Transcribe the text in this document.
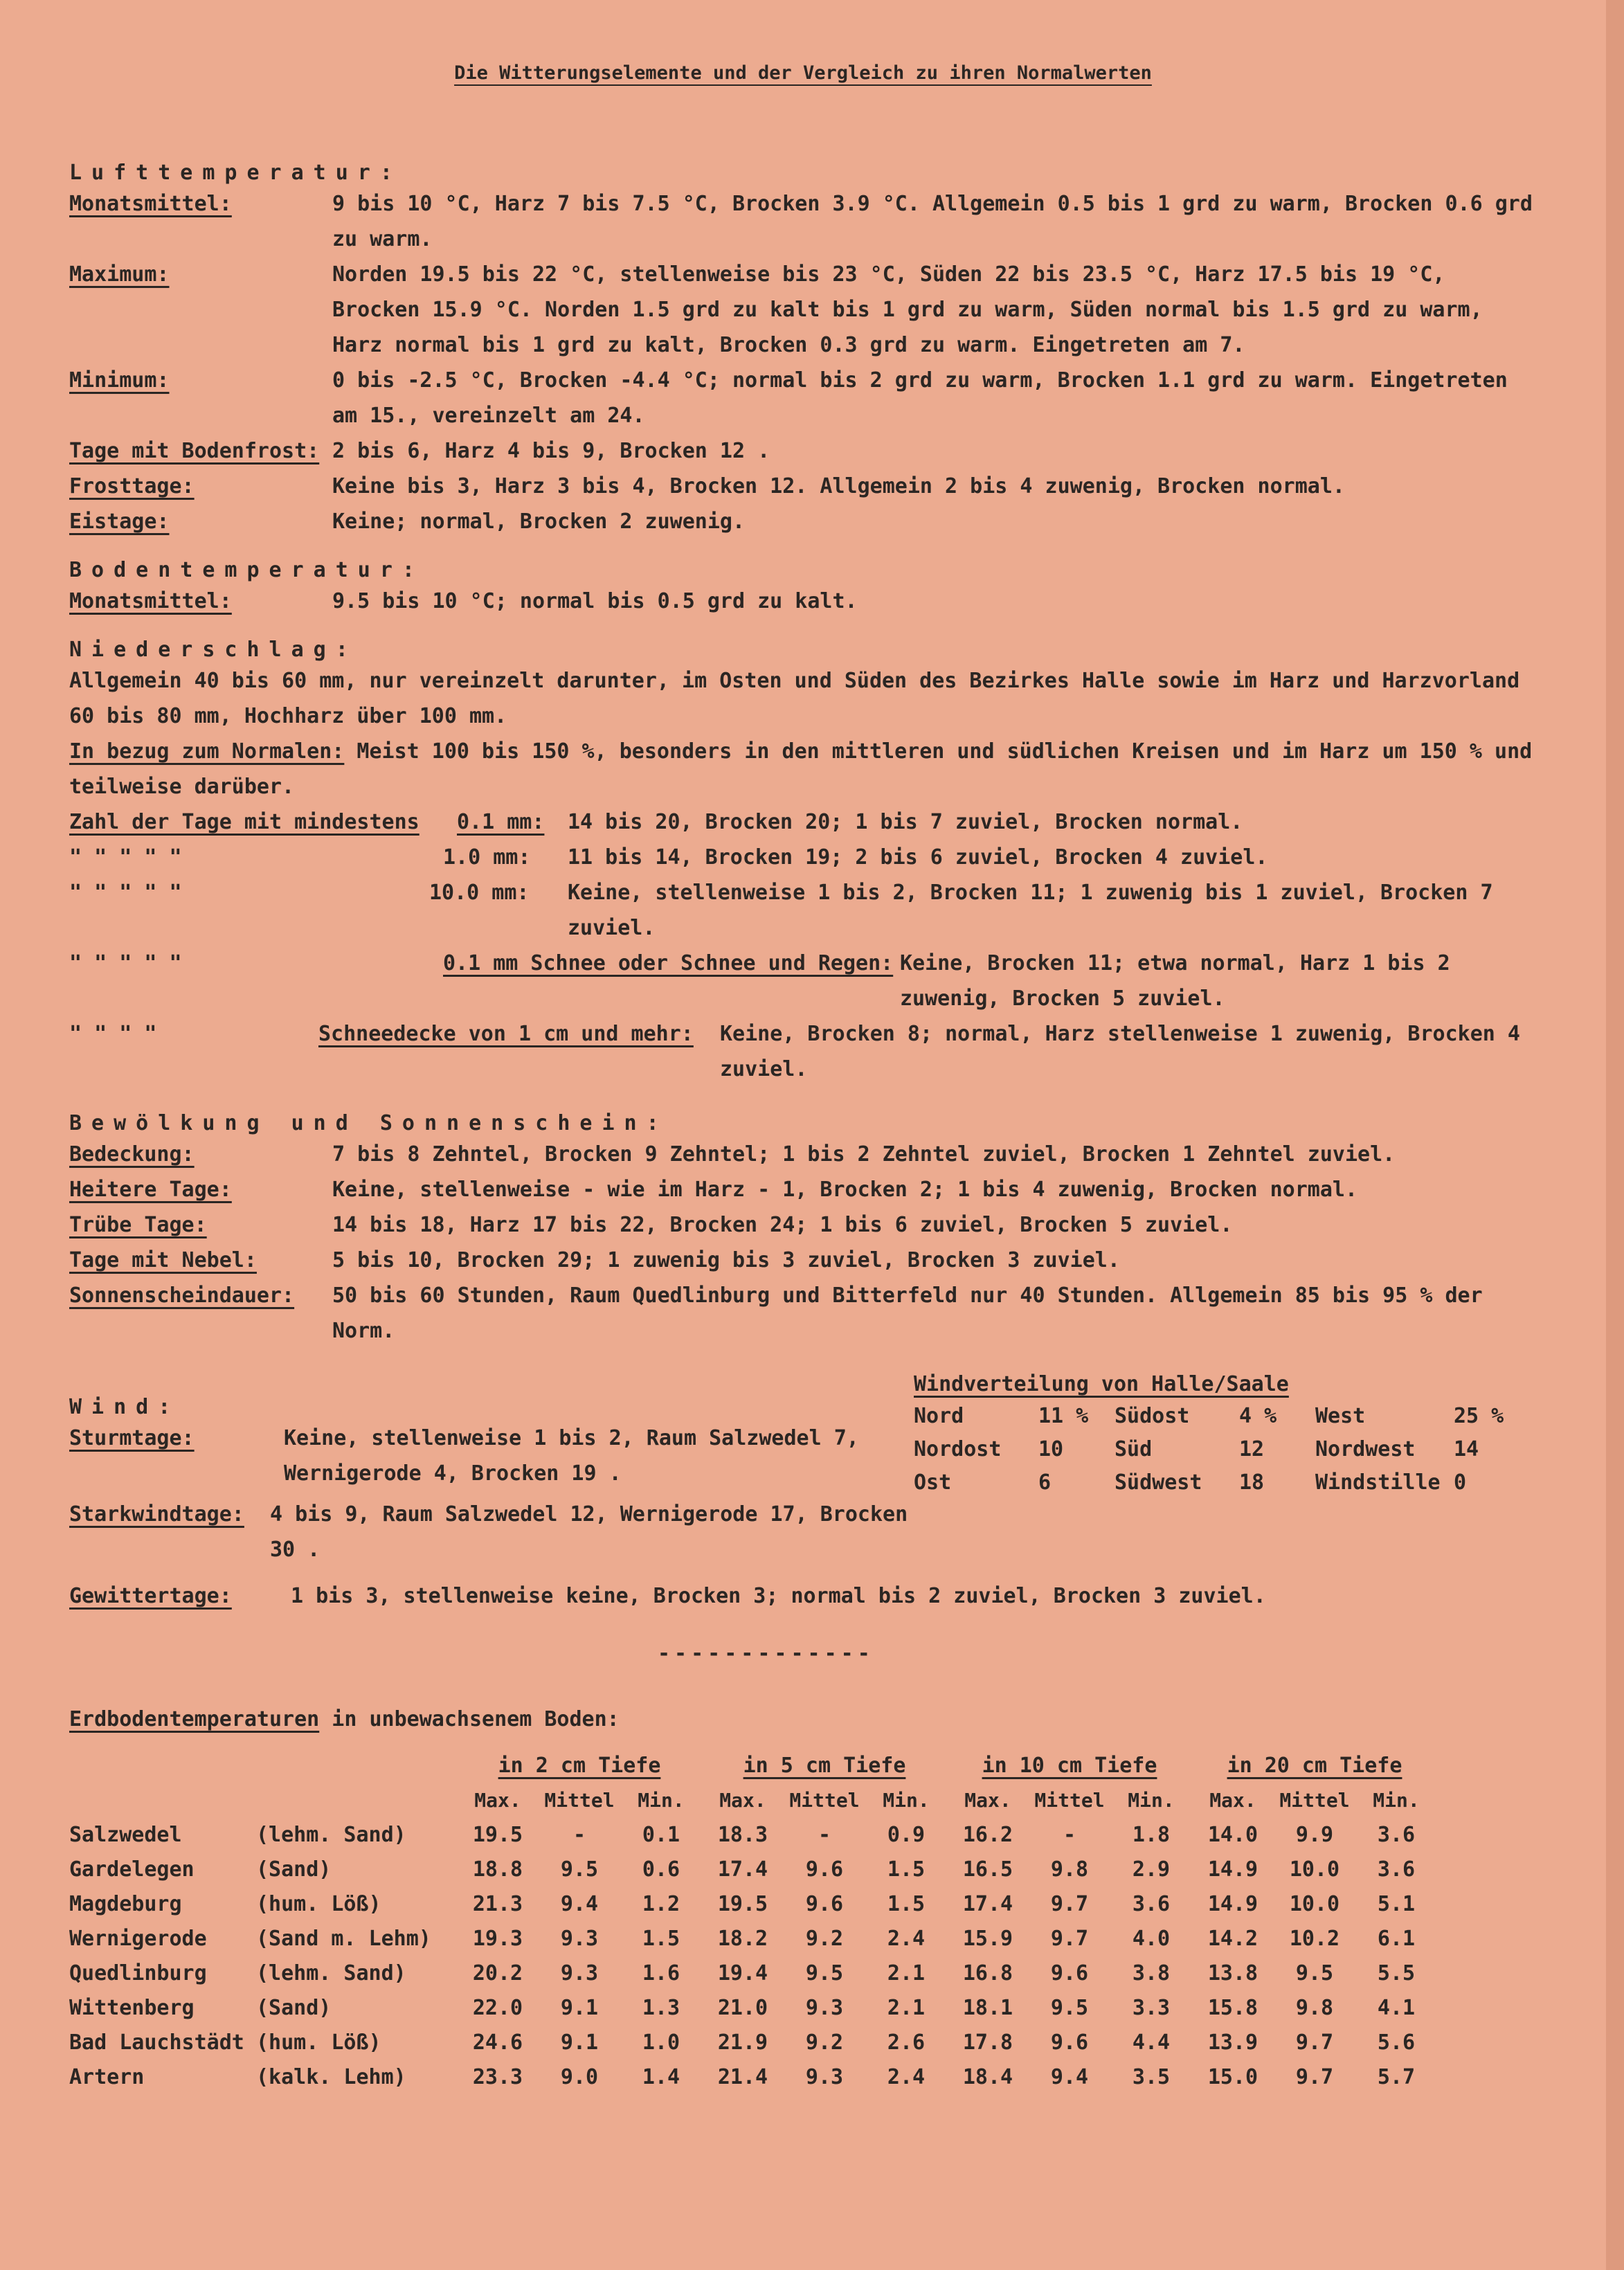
Die Witterungselemente und der Vergleich zu ihren Normalwerten
Lufttemperatur:
Monatsmittel:	9 bis 10 °C, Harz 7 bis 7.5 °C, Brocken 3.9 °C. Allgemein 0.5 bis 1 grd zu warm, Brocken 0.6 grd zu warm.
Maximum:	Norden 19.5 bis 22 °C, stellenweise bis 23 °C, Süden 22 bis 23.5 °C, Harz 17.5 bis 19 °C, Brocken 15.9 °C. Norden 1.5 grd zu kalt bis 1 grd zu warm, Süden normal bis 1.5 grd zu warm, Harz normal bis 1 grd zu kalt, Brocken 0.3 grd zu warm. Eingetreten am 7.
Minimum:	0 bis -2.5 °C, Brocken -4.4 °C; normal bis 2 grd zu warm, Brocken 1.1 grd zu warm. Eingetreten am 15., vereinzelt am 24.
Tage mit Bodenfrost: 2 bis 6, Harz 4 bis 9, Brocken 12 .
Frosttage:	Keine bis 3, Harz 3 bis 4, Brocken 12. Allgemein 2 bis 4 zuwenig, Brocken normal.
Eistage:	Keine; normal, Brocken 2 zuwenig.
Bodentemperatur:
Monatsmittel:	9.5 bis 10 °C; normal bis 0.5 grd zu kalt.
Niederschlag:
Allgemein 40 bis 60 mm, nur vereinzelt darunter, im Osten und Süden des Bezirkes Halle sowie im Harz und Harzvorland 60 bis 80 mm, Hochharz über 100 mm.
In bezug zum Normalen: Meist 100 bis 150 %, besonders in den mittleren und südlichen Kreisen und im Harz um 150 % und teilweise darüber.
Zahl der Tage mit mindestens	0.1 mm:	14 bis 20, Brocken 20; 1 bis 7 zuviel, Brocken normal.
" " " " "	1.0 mm:	11 bis 14, Brocken 19; 2 bis 6 zuviel, Brocken 4 zuviel.
" " " " "	10.0 mm:	Keine, stellenweise 1 bis 2, Brocken 11; 1 zuwenig bis 1 zuviel, Brocken 7 zuviel.
" " " " "	0.1 mm Schnee oder Schnee und Regen: Keine, Brocken 11; etwa normal, Harz 1 bis 2 zuwenig, Brocken 5 zuviel.
" " " "	Schneedecke von 1 cm und mehr:	Keine, Brocken 8; normal, Harz stellenweise 1 zuwenig, Brocken 4 zuviel.
Bewölkung und Sonnenschein:
Bedeckung:	7 bis 8 Zehntel, Brocken 9 Zehntel; 1 bis 2 Zehntel zuviel, Brocken 1 Zehntel zuviel.
Heitere Tage:	Keine, stellenweise - wie im Harz - 1, Brocken 2; 1 bis 4 zuwenig, Brocken normal.
Trübe Tage:	14 bis 18, Harz 17 bis 22, Brocken 24; 1 bis 6 zuviel, Brocken 5 zuviel.
Tage mit Nebel:	5 bis 10, Brocken 29; 1 zuwenig bis 3 zuviel, Brocken 3 zuviel.
Sonnenscheindauer:	50 bis 60 Stunden, Raum Quedlinburg und Bitterfeld nur 40 Stunden. Allgemein 85 bis 95 % der Norm.
Wind:
Sturmtage:	Keine, stellenweise 1 bis 2, Raum Salzwedel 7, Wernigerode 4, Brocken 19 .
Starkwindtage:	4 bis 9, Raum Salzwedel 12, Wernigerode 17, Brocken 30 .
Windverteilung von Halle/Saale
Nord	11 %	Südost	4 %	West	25 %
Nordost	10	Süd	12	Nordwest	14
Ost	6	Südwest	18	Windstille 0
Gewittertage:	1 bis 3, stellenweise keine, Brocken 3; normal bis 2 zuviel, Brocken 3 zuviel.
-------------
Erdbodentemperaturen in unbewachsenem Boden:
		in 2 cm Tiefe			in 5 cm Tiefe			in 10 cm Tiefe			in 20 cm Tiefe		
		Max.	Mittel	Min.	Max.	Mittel	Min.	Max.	Mittel	Min.	Max.	Mittel	Min.
Salzwedel	(lehm. Sand)	19.5	-	0.1	18.3	-	0.9	16.2	-	1.8	14.0	9.9	3.6
Gardelegen	(Sand)	18.8	9.5	0.6	17.4	9.6	1.5	16.5	9.8	2.9	14.9	10.0	3.6
Magdeburg	(hum. Löß)	21.3	9.4	1.2	19.5	9.6	1.5	17.4	9.7	3.6	14.9	10.0	5.1
Wernigerode	(Sand m. Lehm)	19.3	9.3	1.5	18.2	9.2	2.4	15.9	9.7	4.0	14.2	10.2	6.1
Quedlinburg	(lehm. Sand)	20.2	9.3	1.6	19.4	9.5	2.1	16.8	9.6	3.8	13.8	9.5	5.5
Wittenberg	(Sand)	22.0	9.1	1.3	21.0	9.3	2.1	18.1	9.5	3.3	15.8	9.8	4.1
Bad Lauchstädt	(hum. Löß)	24.6	9.1	1.0	21.9	9.2	2.6	17.8	9.6	4.4	13.9	9.7	5.6
Artern	(kalk. Lehm)	23.3	9.0	1.4	21.4	9.3	2.4	18.4	9.4	3.5	15.0	9.7	5.7
